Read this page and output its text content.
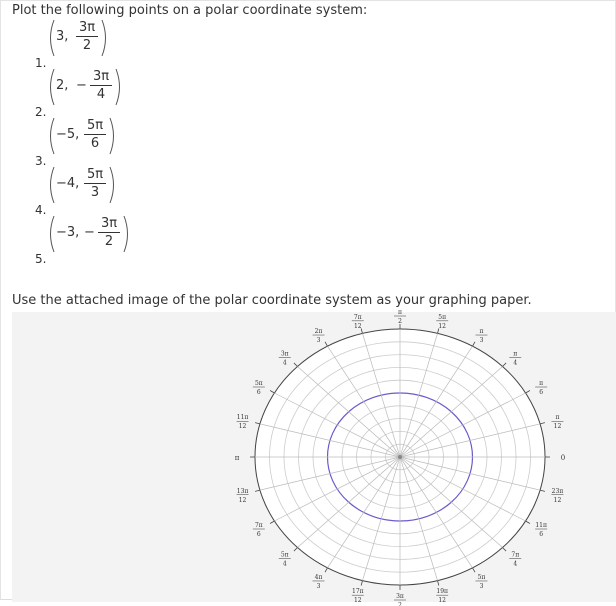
Plot the following points on a polar coordinate system:
1.
3,
3π
2
2.
2, −
3π
4
3.
−5,
5π
6
4.
−4,
5π
3
5.
−3, −
3π
2
Use the attached image of the polar coordinate system as your graphing paper.
0
π
12
π
6
π
4
π
3
5π
12
π
2
7π
12
2π
3
3π
4
5π
6
11π
12
π
13π
12
7π
6
5π
4
4π
3
17π
12
3π
2
19π
12
5π
3
7π
4
11π
6
23π
12
